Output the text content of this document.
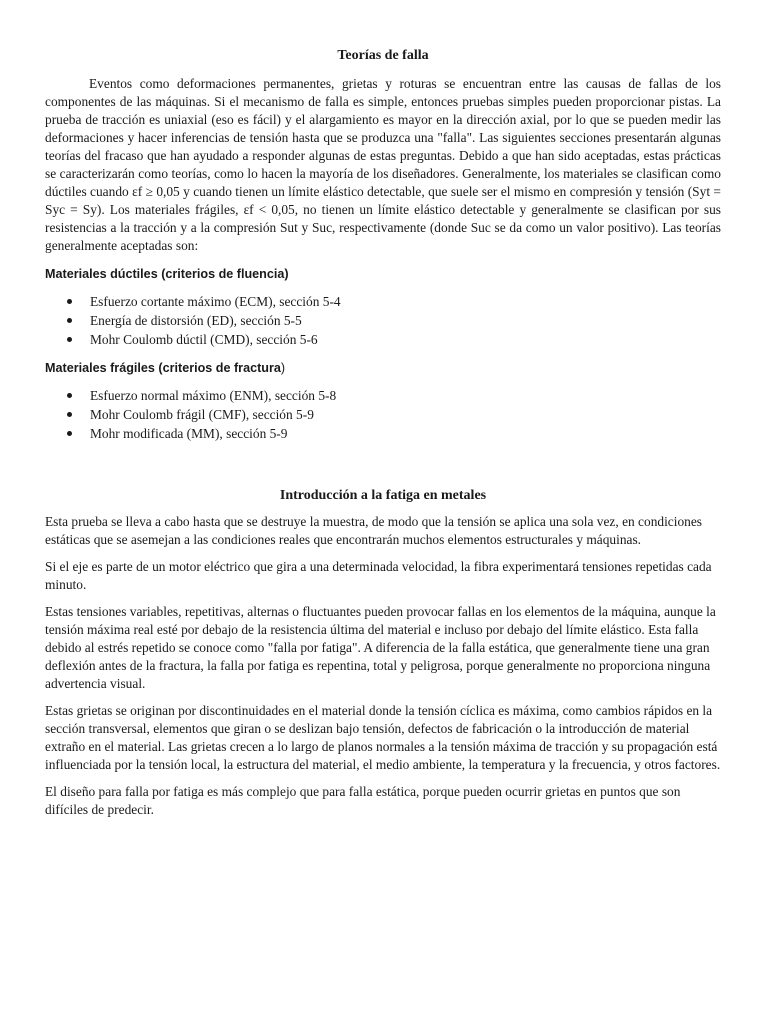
Teorías de falla

Eventos como deformaciones permanentes, grietas y roturas se encuentran entre las causas de fallas de los componentes de las máquinas. Si el mecanismo de falla es simple, entonces pruebas simples pueden proporcionar pistas. La prueba de tracción es uniaxial (eso es fácil) y el alargamiento es mayor en la dirección axial, por lo que se pueden medir las deformaciones y hacer inferencias de tensión hasta que se produzca una "falla". Las siguientes secciones presentarán algunas teorías del fracaso que han ayudado a responder algunas de estas preguntas. Debido a que han sido aceptadas, estas prácticas se caracterizarán como teorías, como lo hacen la mayoría de los diseñadores. Generalmente, los materiales se clasifican como dúctiles cuando εf ≥ 0,05 y cuando tienen un límite elástico detectable, que suele ser el mismo en compresión y tensión (Syt = Syc = Sy). Los materiales frágiles, εf < 0,05, no tienen un límite elástico detectable y generalmente se clasifican por sus resistencias a la tracción y a la compresión Sut y Suc, respectivamente (donde Suc se da como un valor positivo). Las teorías generalmente aceptadas son:

Materiales dúctiles (criterios de fluencia)
Esfuerzo cortante máximo (ECM), sección 5-4
Energía de distorsión (ED), sección 5-5
Mohr Coulomb dúctil (CMD), sección 5-6
Materiales frágiles (criterios de fractura)
Esfuerzo normal máximo (ENM), sección 5-8
Mohr Coulomb frágil (CMF), sección 5-9
Mohr modificada (MM), sección 5-9
Introducción a la fatiga en metales

Esta prueba se lleva a cabo hasta que se destruye la muestra, de modo que la tensión se aplica una sola vez, en condiciones estáticas que se asemejan a las condiciones reales que encontrarán muchos elementos estructurales y máquinas.

Si el eje es parte de un motor eléctrico que gira a una determinada velocidad, la fibra experimentará tensiones repetidas cada minuto.

Estas tensiones variables, repetitivas, alternas o fluctuantes pueden provocar fallas en los elementos de la máquina, aunque la tensión máxima real esté por debajo de la resistencia última del material e incluso por debajo del límite elástico. Esta falla debido al estrés repetido se conoce como "falla por fatiga". A diferencia de la falla estática, que generalmente tiene una gran deflexión antes de la fractura, la falla por fatiga es repentina, total y peligrosa, porque generalmente no proporciona ninguna advertencia visual.

Estas grietas se originan por discontinuidades en el material donde la tensión cíclica es máxima, como cambios rápidos en la sección transversal, elementos que giran o se deslizan bajo tensión, defectos de fabricación o la introducción de material extraño en el material. Las grietas crecen a lo largo de planos normales a la tensión máxima de tracción y su propagación está influenciada por la tensión local, la estructura del material, el medio ambiente, la temperatura y la frecuencia, y otros factores.

El diseño para falla por fatiga es más complejo que para falla estática, porque pueden ocurrir grietas en puntos que son difíciles de predecir.
